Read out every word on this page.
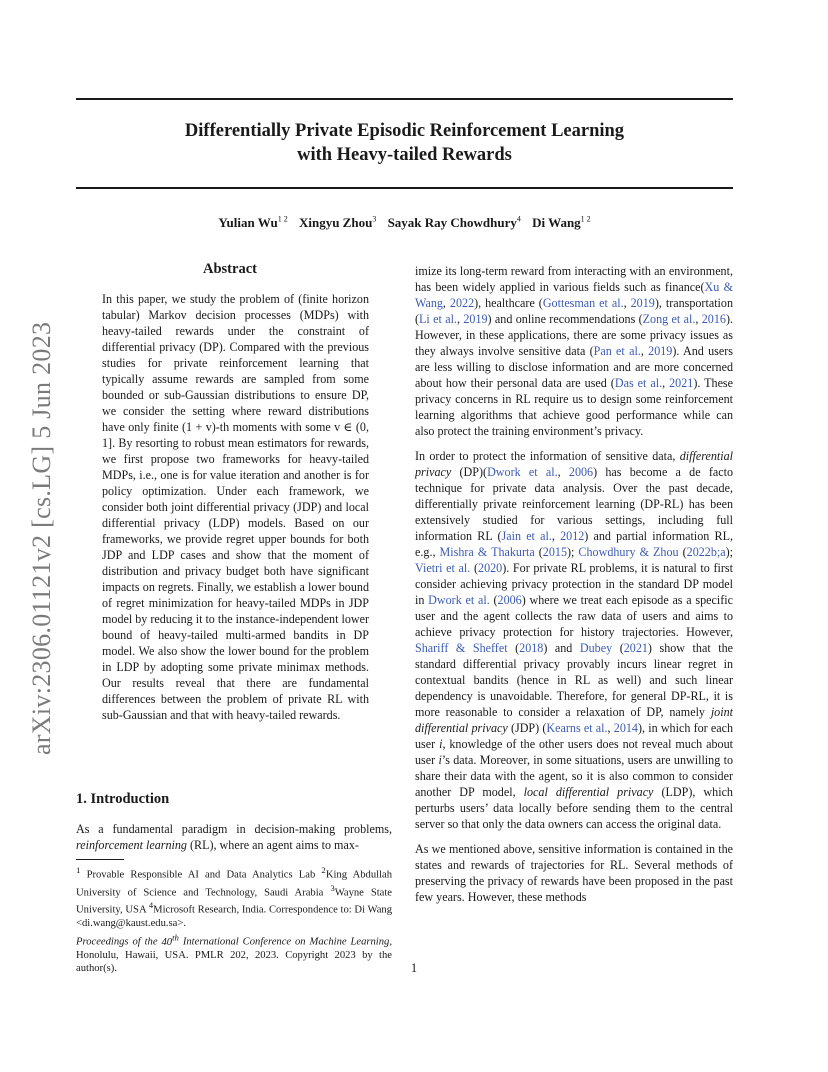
Differentially Private Episodic Reinforcement Learning
with Heavy-tailed Rewards
Yulian $Wu^{1 2}$ Xingyu Zhou$^3$ Sayak Ray Chowdhury$^4$ Di Wang$^{1 2}$
arXiv:2306.01121v2 [cs.LG] 5 Jun 2023
Abstract

In this paper, we study the problem of (finite horizon tabular) Markov decision processes (MDPs) with heavy-tailed rewards under the constraint of differential privacy (DP). Compared with the previous studies for private reinforcement learning that typically assume rewards are sampled from some bounded or sub-Gaussian distributions to ensure DP, we consider the setting where reward distributions have only finite (1 + v)-th moments with some v ∈ (0, 1]. By resorting to robust mean estimators for rewards, we first propose two frameworks for heavy-tailed MDPs, i.e., one is for value iteration and another is for policy optimization. Under each framework, we consider both joint differential privacy (JDP) and local differential privacy (LDP) models. Based on our frameworks, we provide regret upper bounds for both JDP and LDP cases and show that the moment of distribution and privacy budget both have significant impacts on regrets. Finally, we establish a lower bound of regret minimization for heavy-tailed MDPs in JDP model by reducing it to the instance-independent lower bound of heavy-tailed multi-armed bandits in DP model. We also show the lower bound for the problem in LDP by adopting some private minimax methods. Our results reveal that there are fundamental differences between the problem of private RL with sub-Gaussian and that with heavy-tailed rewards.

1. Introduction

As a fundamental paradigm in decision-making problems, reinforcement learning (RL), where an agent aims to max-

$^1$ Provable Responsible AI and Data Analytics Lab $^2$King Abdullah University of Science and Technology, Saudi Arabia $^3$Wayne State University, USA $^4$Microsoft Research, India. Correspondence to: Di Wang <di.wang@kaust.edu.sa>.

Proceedings of the 40th International Conference on Machine Learning, Honolulu, Hawaii, USA. PMLR 202, 2023. Copyright 2023 by the author(s).

imize its long-term reward from interacting with an environment, has been widely applied in various fields such as finance(Xu & Wang, 2022), healthcare (Gottesman et al., 2019), transportation (Li et al., 2019) and online recommendations (Zong et al., 2016). However, in these applications, there are some privacy issues as they always involve sensitive data (Pan et al., 2019). And users are less willing to disclose information and are more concerned about how their personal data are used (Das et al., 2021). These privacy concerns in RL require us to design some reinforcement learning algorithms that achieve good performance while can also protect the training environment’s privacy.

In order to protect the information of sensitive data, differential privacy (DP)(Dwork et al., 2006) has become a de facto technique for private data analysis. Over the past decade, differentially private reinforcement learning (DP-RL) has been extensively studied for various settings, including full information RL (Jain et al., 2012) and partial information RL, e.g., Mishra & Thakurta (2015); Chowdhury & Zhou (2022b;a); Vietri et al. (2020). For private RL problems, it is natural to first consider achieving privacy protection in the standard DP model in Dwork et al. (2006) where we treat each episode as a specific user and the agent collects the raw data of users and aims to achieve privacy protection for history trajectories. However, Shariff & Sheffet (2018) and Dubey (2021) show that the standard differential privacy provably incurs linear regret in contextual bandits (hence in RL as well) and such linear dependency is unavoidable. Therefore, for general DP-RL, it is more reasonable to consider a relaxation of DP, namely joint differential privacy (JDP) (Kearns et al., 2014), in which for each user i, knowledge of the other users does not reveal much about user i’s data. Moreover, in some situations, users are unwilling to share their data with the agent, so it is also common to consider another DP model, local differential privacy (LDP), which perturbs users’ data locally before sending them to the central server so that only the data owners can access the original data.

As we mentioned above, sensitive information is contained in the states and rewards of trajectories for RL. Several methods of preserving the privacy of rewards have been proposed in the past few years. However, these methods

1
